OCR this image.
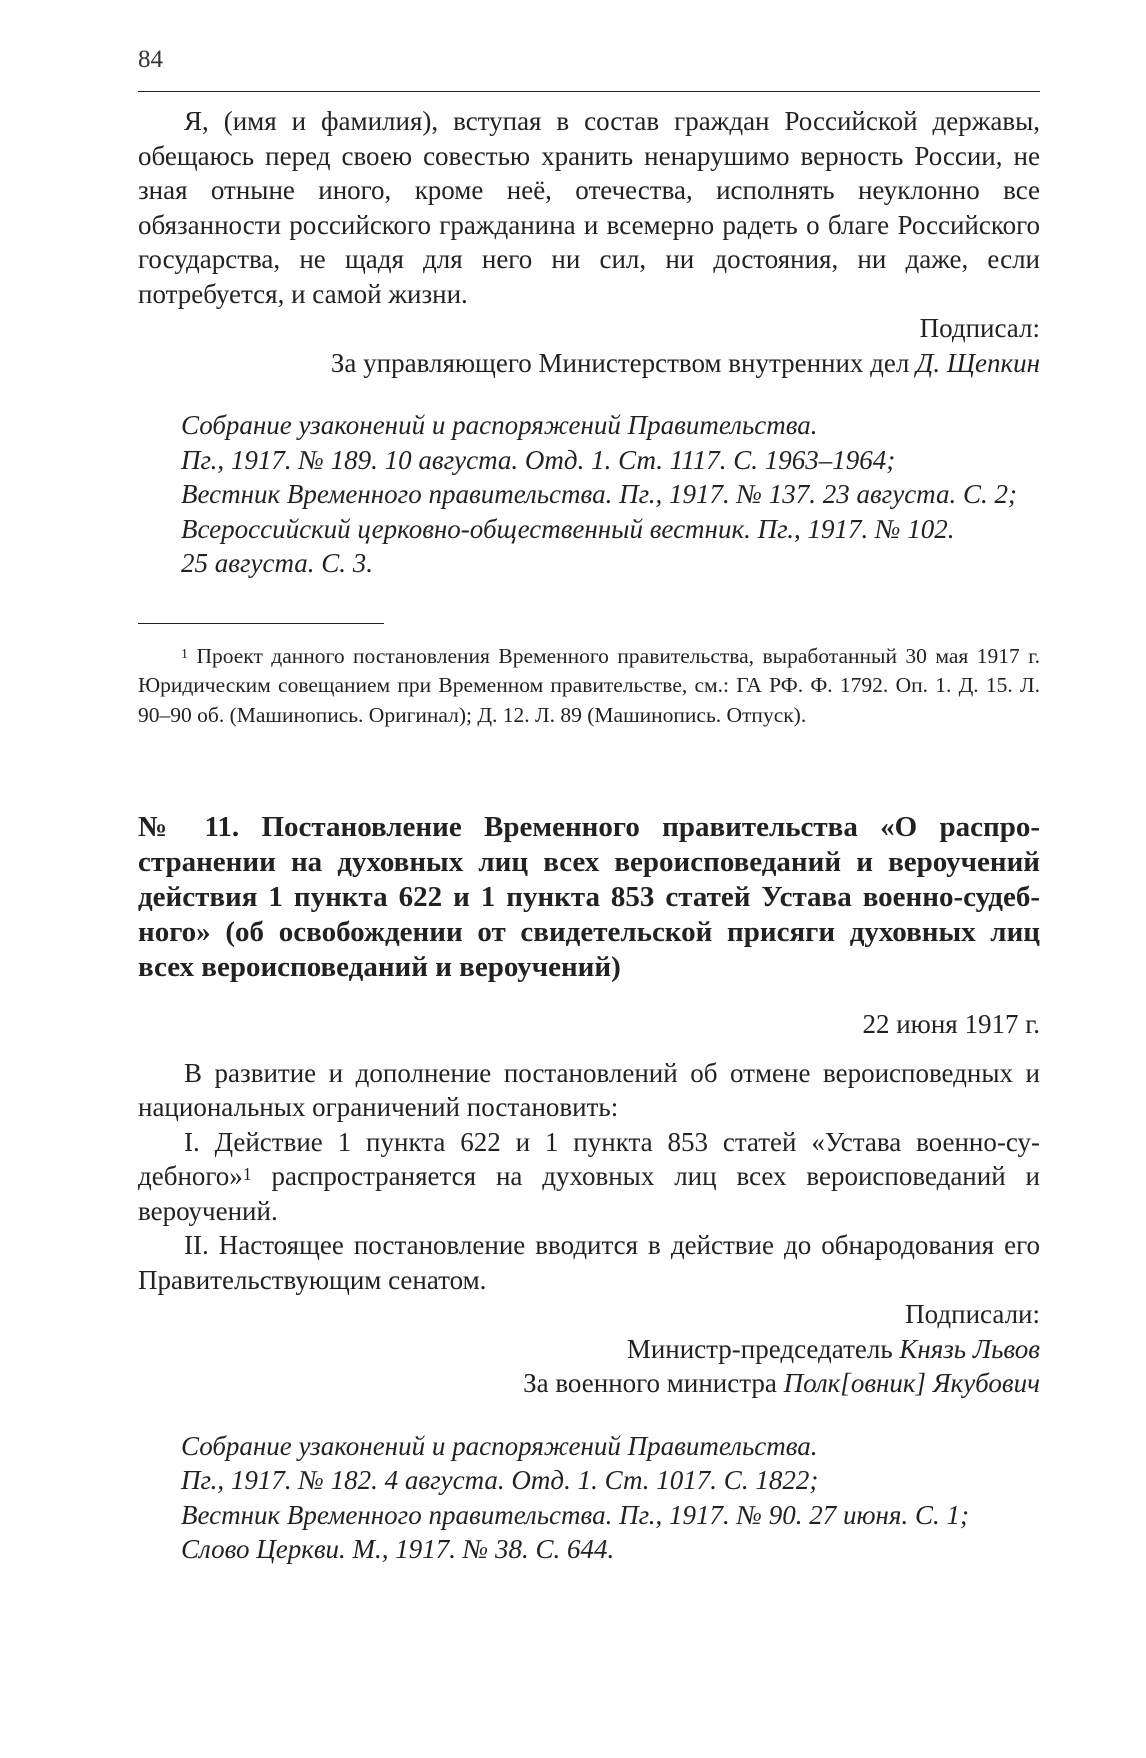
84

Я, (имя и фамилия), вступая в состав граждан Российской державы, обещаюсь перед своею совестью хранить ненарушимо верность России, не зная отныне иного, кроме неё, отечества, исполнять неуклонно все обязанности российского гражданина и всемерно радеть о благе Российского государства, не щадя для него ни сил, ни достояния, ни даже, если потребуется, и самой жизни.

Подписал:

За управляющего Министерством внутренних дел Д. Щепкин

Собрание узаконений и распоряжений Правительства.

Пг., 1917. № 189. 10 августа. Отд. 1. Ст. 1117. С. 1963–1964;

Вестник Временного правительства. Пг., 1917. № 137. 23 августа. С. 2;

Всероссийский церковно-общественный вестник. Пг., 1917. № 102.

25 августа. С. 3.

$^1$ Проект данного постановления Временного правительства, выработанный 30 мая 1917 г. Юридическим совещанием при Временном правительстве, см.: ГА РФ. Ф. 1792. Оп. 1. Д. 15. Л. 90–90 об. (Машинопись. Оригинал); Д. 12. Л. 89 (Машинопись. Отпуск).

№ 11. Постановление Временного правительства «О распространении на духовных лиц всех вероисповеданий и вероучений действия 1 пункта 622 и 1 пункта 853 статей Устава военно-судебного» (об освобождении от свидетельской присяги духовных лиц всех вероисповеданий и вероучений)

22 июня 1917 г.

В развитие и дополнение постановлений об отмене вероисповедных и национальных ограничений постановить:

I. Действие 1 пункта 622 и 1 пункта 853 статей «Устава военно-судебного»$^1$ распространяется на духовных лиц всех вероисповеданий и вероучений.

II. Настоящее постановление вводится в действие до обнародования его Правительствующим сенатом.

Подписали:

Министр-председатель Князь Львов

За военного министра Полк[овник] Якубович

Собрание узаконений и распоряжений Правительства.

Пг., 1917. № 182. 4 августа. Отд. 1. Ст. 1017. С. 1822;

Вестник Временного правительства. Пг., 1917. № 90. 27 июня. С. 1;

Слово Церкви. М., 1917. № 38. С. 644.
